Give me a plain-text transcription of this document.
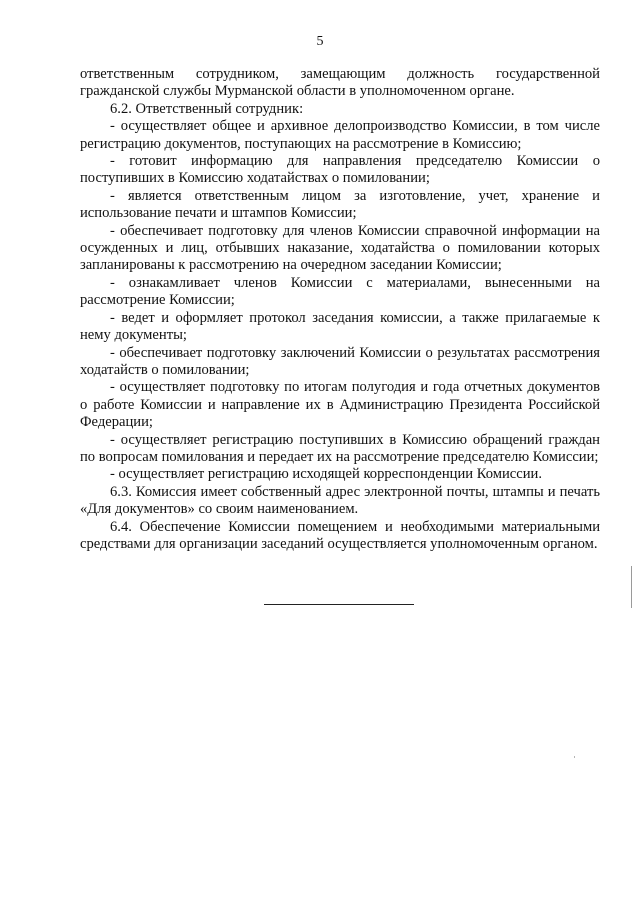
5

ответственным сотрудником, замещающим должность государственной гражданской службы Мурманской области в уполномоченном органе.

6.2. Ответственный сотрудник:

- осуществляет общее и архивное делопроизводство Комиссии, в том числе регистрацию документов, поступающих на рассмотрение в Комиссию;

- готовит информацию для направления председателю Комиссии о поступивших в Комиссию ходатайствах о помиловании;

- является ответственным лицом за изготовление, учет, хранение и использование печати и штампов Комиссии;

- обеспечивает подготовку для членов Комиссии справочной информации на осужденных и лиц, отбывших наказание, ходатайства о помиловании которых запланированы к рассмотрению на очередном заседании Комиссии;

- ознакамливает членов Комиссии с материалами, вынесенными на рассмотрение Комиссии;

- ведет и оформляет протокол заседания комиссии, а также прилагаемые к нему документы;

- обеспечивает подготовку заключений Комиссии о результатах рассмотрения ходатайств о помиловании;

- осуществляет подготовку по итогам полугодия и года отчетных документов о работе Комиссии и направление их в Администрацию Президента Российской Федерации;

- осуществляет регистрацию поступивших в Комиссию обращений граждан по вопросам помилования и передает их на рассмотрение председателю Комиссии;

- осуществляет регистрацию исходящей корреспонденции Комиссии.

6.3. Комиссия имеет собственный адрес электронной почты, штампы и печать «Для документов» со своим наименованием.

6.4. Обеспечение Комиссии помещением и необходимыми материальными средствами для организации заседаний осуществляется уполномоченным органом.
